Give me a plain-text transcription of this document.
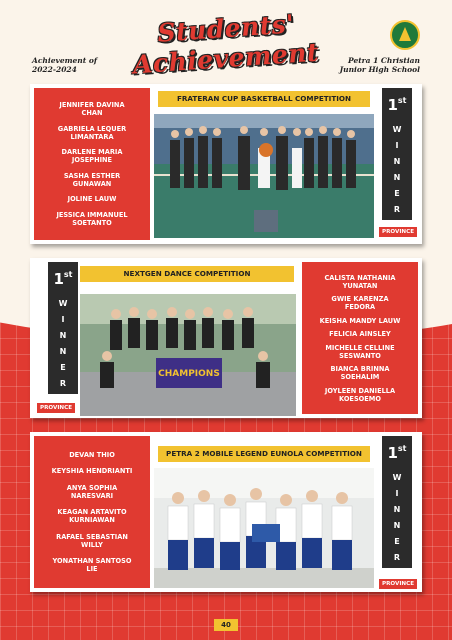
Students'
Achievement
Achievement of
2022-2024
Petra 1 Christian
Junior High School
JENNIFER DAVINA
CHAN
GABRIELA LEQUER
LIMANTARA
DARLENE MARIA
JOSEPHINE
SASHA ESTHER
GUNAWAN
JOLINE LAUW
JESSICA IMMANUEL
SOETANTO
FRATERAN CUP BASKETBALL COMPETITION	1st
W
I
N
N
E
R
PROVINCE
1st
W
I
N
N
E
R
PROVINCE
NEXTGEN DANCE COMPETITION
CHAMPIONS
CALISTA NATHANIA
YUNATAN
GWIE KARENZA
FEDORA
KEISHA MANDY LAUW
FELICIA AINSLEY
MICHELLE CELLINE
SESWANTO
BIANCA BRINNA
SOEHALIM
JOYLEEN DANIELLA
KOESOEMO
DEVAN THIO
KEYSHIA HENDRIANTI
ANYA SOPHIA
NARESVARI
KEAGAN ARTAVITO
KURNIAWAN
RAFAEL SEBASTIAN
WILLY
YONATHAN SANTOSO
LIE
PETRA 2 MOBILE LEGEND EUNOLA COMPETITION	1st
W
I
N
N
E
R
PROVINCE
40
